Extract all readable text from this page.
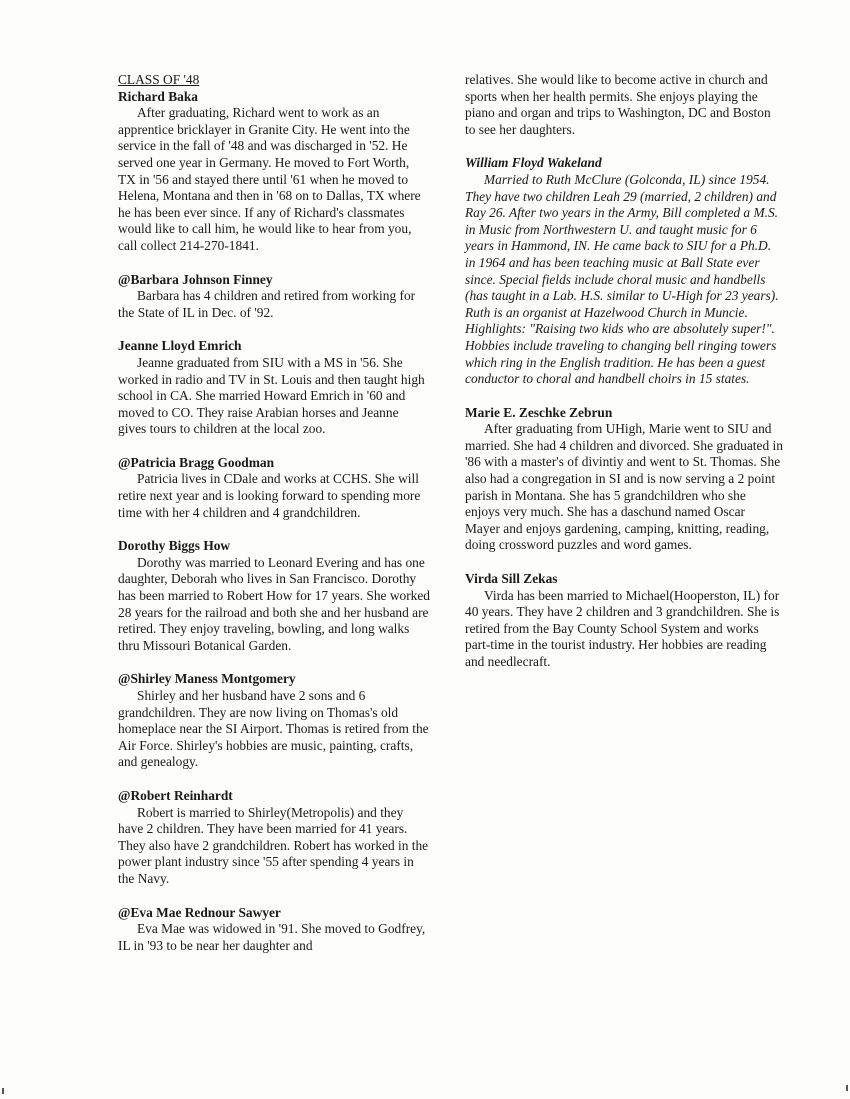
CLASS OF '48
Richard Baka

After graduating, Richard went to work as an apprentice bricklayer in Granite City. He went into the service in the fall of '48 and was discharged in '52. He served one year in Germany. He moved to Fort Worth, TX in '56 and stayed there until '61 when he moved to Helena, Montana and then in '68 on to Dallas, TX where he has been ever since. If any of Richard's classmates would like to call him, he would like to hear from you, call collect 214-270-1841.

@Barbara Johnson Finney

Barbara has 4 children and retired from working for the State of IL in Dec. of '92.

Jeanne Lloyd Emrich

Jeanne graduated from SIU with a MS in '56. She worked in radio and TV in St. Louis and then taught high school in CA. She married Howard Emrich in '60 and moved to CO. They raise Arabian horses and Jeanne gives tours to children at the local zoo.

@Patricia Bragg Goodman

Patricia lives in CDale and works at CCHS. She will retire next year and is looking forward to spending more time with her 4 children and 4 grandchildren.

Dorothy Biggs How

Dorothy was married to Leonard Evering and has one daughter, Deborah who lives in San Francisco. Dorothy has been married to Robert How for 17 years. She worked 28 years for the railroad and both she and her husband are retired. They enjoy traveling, bowling, and long walks thru Missouri Botanical Garden.

@Shirley Maness Montgomery

Shirley and her husband have 2 sons and 6 grandchildren. They are now living on Thomas's old homeplace near the SI Airport. Thomas is retired from the Air Force. Shirley's hobbies are music, painting, crafts, and genealogy.

@Robert Reinhardt

Robert is married to Shirley(Metropolis) and they have 2 children. They have been married for 41 years. They also have 2 grandchildren. Robert has worked in the power plant industry since '55 after spending 4 years in the Navy.

@Eva Mae Rednour Sawyer

Eva Mae was widowed in '91. She moved to Godfrey, IL in '93 to be near her daughter and

relatives. She would like to become active in church and sports when her health permits. She enjoys playing the piano and organ and trips to Washington, DC and Boston to see her daughters.

William Floyd Wakeland

Married to Ruth McClure (Golconda, IL) since 1954. They have two children Leah 29 (married, 2 children) and Ray 26. After two years in the Army, Bill completed a M.S. in Music from Northwestern U. and taught music for 6 years in Hammond, IN. He came back to SIU for a Ph.D. in 1964 and has been teaching music at Ball State ever since. Special fields include choral music and handbells (has taught in a Lab. H.S. similar to U-High for 23 years). Ruth is an organist at Hazelwood Church in Muncie. Highlights: "Raising two kids who are absolutely super!". Hobbies include traveling to changing bell ringing towers which ring in the English tradition. He has been a guest conductor to choral and handbell choirs in 15 states.

Marie E. Zeschke Zebrun

After graduating from UHigh, Marie went to SIU and married. She had 4 children and divorced. She graduated in '86 with a master's of divintiy and went to St. Thomas. She also had a congregation in SI and is now serving a 2 point parish in Montana. She has 5 grandchildren who she enjoys very much. She has a daschund named Oscar Mayer and enjoys gardening, camping, knitting, reading, doing crossword puzzles and word games.

Virda Sill Zekas

Virda has been married to Michael(Hooperston, IL) for 40 years. They have 2 children and 3 grandchildren. She is retired from the Bay County School System and works part-time in the tourist industry. Her hobbies are reading and needlecraft.
